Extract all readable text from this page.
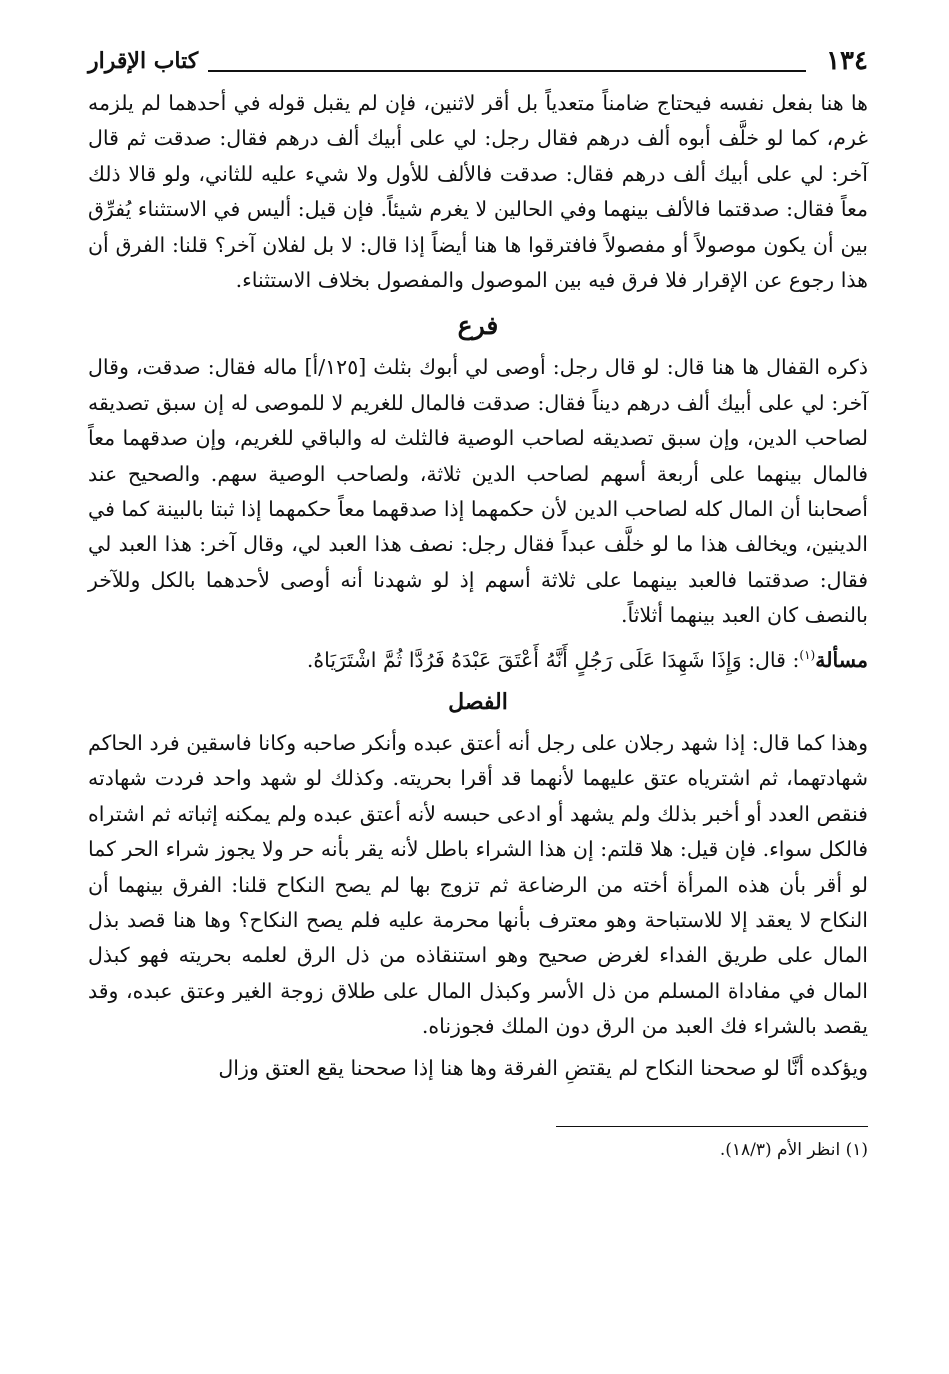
١٣٤
كتاب الإقرار

ها هنا بفعل نفسه فيحتاج ضامناً متعدياً بل أقر لاثنين، فإن لم يقبل قوله في أحدهما لم يلزمه غرم، كما لو خلَّف أبوه ألف درهم فقال رجل: لي على أبيك ألف درهم فقال: صدقت ثم قال آخر: لي على أبيك ألف درهم فقال: صدقت فالألف للأول ولا شيء عليه للثاني، ولو قالا ذلك معاً فقال: صدقتما فالألف بينهما وفي الحالين لا يغرم شيئاً. فإن قيل: أليس في الاستثناء يُفرِّق بين أن يكون موصولاً أو مفصولاً فافترقوا ها هنا أيضاً إذا قال: لا بل لفلان آخر؟ قلنا: الفرق أن هذا رجوع عن الإقرار فلا فرق فيه بين الموصول والمفصول بخلاف الاستثناء.

فرع

ذكره القفال ها هنا قال: لو قال رجل: أوصى لي أبوك بثلث [١٢٥/أ] ماله فقال: صدقت، وقال آخر: لي على أبيك ألف درهم ديناً فقال: صدقت فالمال للغريم لا للموصى له إن سبق تصديقه لصاحب الدين، وإن سبق تصديقه لصاحب الوصية فالثلث له والباقي للغريم، وإن صدقهما معاً فالمال بينهما على أربعة أسهم لصاحب الدين ثلاثة، ولصاحب الوصية سهم. والصحيح عند أصحابنا أن المال كله لصاحب الدين لأن حكمهما إذا صدقهما معاً حكمهما إذا ثبتا بالبينة كما في الدينين، ويخالف هذا ما لو خلَّف عبداً فقال رجل: نصف هذا العبد لي، وقال آخر: هذا العبد لي فقال: صدقتما فالعبد بينهما على ثلاثة أسهم إذ لو شهدنا أنه أوصى لأحدهما بالكل وللآخر بالنصف كان العبد بينهما أثلاثاً.

مسألة$^{(١)}$: قال: وَإِذَا شَهِدَا عَلَى رَجُلٍ أَنَّهُ أَعْتَقَ عَبْدَهُ فَرُدَّا ثُمَّ اشْتَرَيَاهُ.

الفصل

وهذا كما قال: إذا شهد رجلان على رجل أنه أعتق عبده وأنكر صاحبه وكانا فاسقين فرد الحاكم شهادتهما، ثم اشترياه عتق عليهما لأنهما قد أقرا بحريته. وكذلك لو شهد واحد فردت شهادته فنقص العدد أو أخبر بذلك ولم يشهد أو ادعى حبسه لأنه أعتق عبده ولم يمكنه إثباته ثم اشتراه فالكل سواء. فإن قيل: هلا قلتم: إن هذا الشراء باطل لأنه يقر بأنه حر ولا يجوز شراء الحر كما لو أقر بأن هذه المرأة أخته من الرضاعة ثم تزوج بها لم يصح النكاح قلنا: الفرق بينهما أن النكاح لا يعقد إلا للاستباحة وهو معترف بأنها محرمة عليه فلم يصح النكاح؟ وها هنا قصد بذل المال على طريق الفداء لغرض صحيح وهو استنقاذه من ذل الرق لعلمه بحريته فهو كبذل المال في مفاداة المسلم من ذل الأسر وكبذل المال على طلاق زوجة الغير وعتق عبده، وقد يقصد بالشراء فك العبد من الرق دون الملك فجوزناه.

ويؤكده أنَّا لو صححنا النكاح لم يقتضِ الفرقة وها هنا إذا صححنا يقع العتق وزال

(١) انظر الأم (١٨/٣).
